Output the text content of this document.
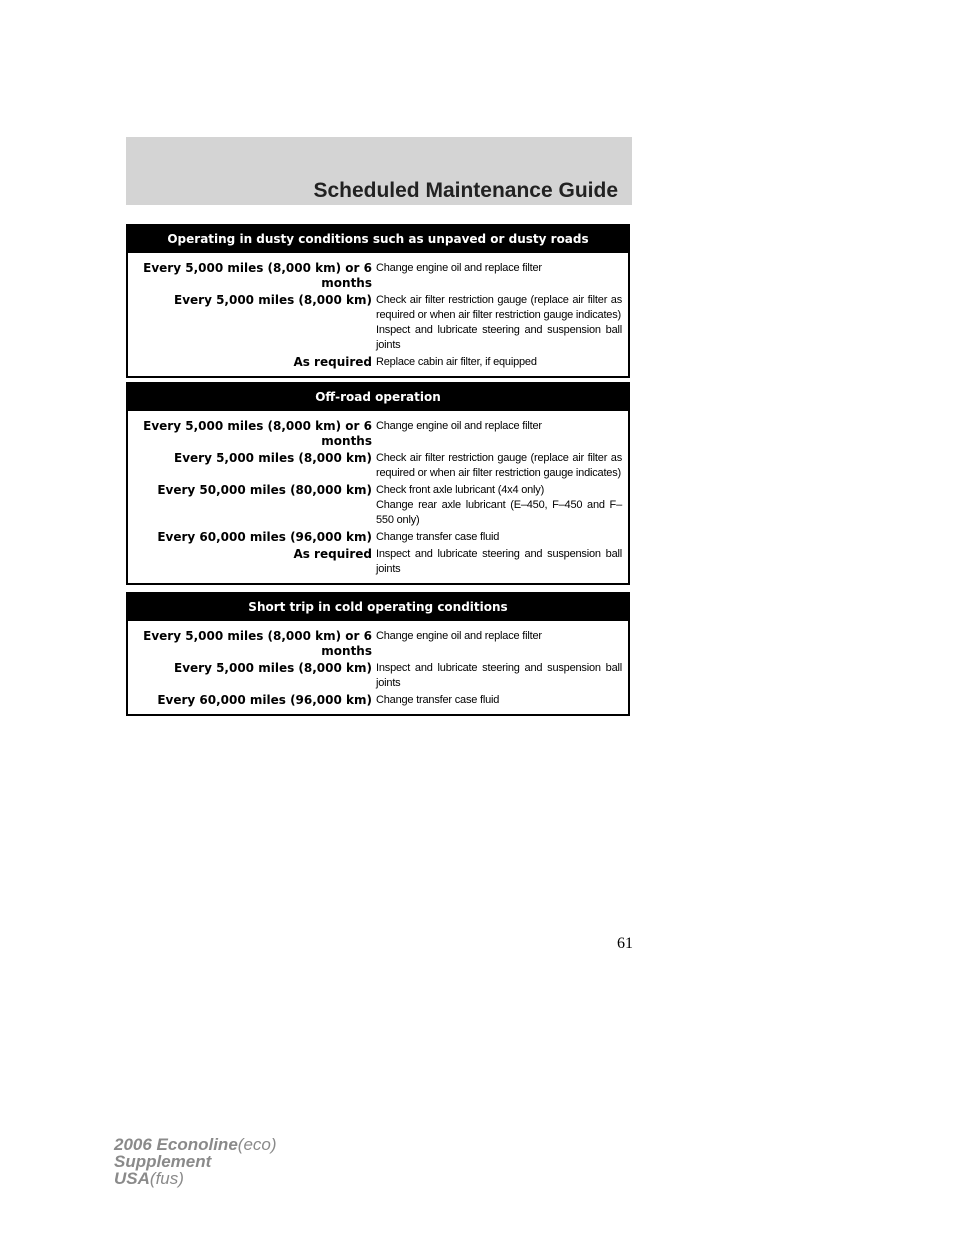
Scheduled Maintenance Guide
Operating in dusty conditions such as unpaved or dusty roads
Every 5,000 miles (8,000 km) or 6 months
Change engine oil and replace filter
Every 5,000 miles (8,000 km) Check air filter restriction gauge (replace air filter as required or when air filter restriction gauge indicates)
Inspect and lubricate steering and suspension ball joints
As required Replace cabin air filter, if equipped
Off-road operation
Every 5,000 miles (8,000 km) or 6 months
Change engine oil and replace filter
Every 5,000 miles (8,000 km) Check air filter restriction gauge (replace air filter as required or when air filter restriction gauge indicates)
Every 50,000 miles (80,000 km) Check front axle lubricant (4x4 only)
Change rear axle lubricant (E–450, F–450 and F–550 only)
Every 60,000 miles (96,000 km) Change transfer case fluid
As required Inspect and lubricate steering and suspension ball joints
Short trip in cold operating conditions
Every 5,000 miles (8,000 km) or 6 months
Change engine oil and replace filter
Every 5,000 miles (8,000 km) Inspect and lubricate steering and suspension ball joints
Every 60,000 miles (96,000 km) Change transfer case fluid
61
2006 Econoline(eco)
Supplement
USA(fus)
